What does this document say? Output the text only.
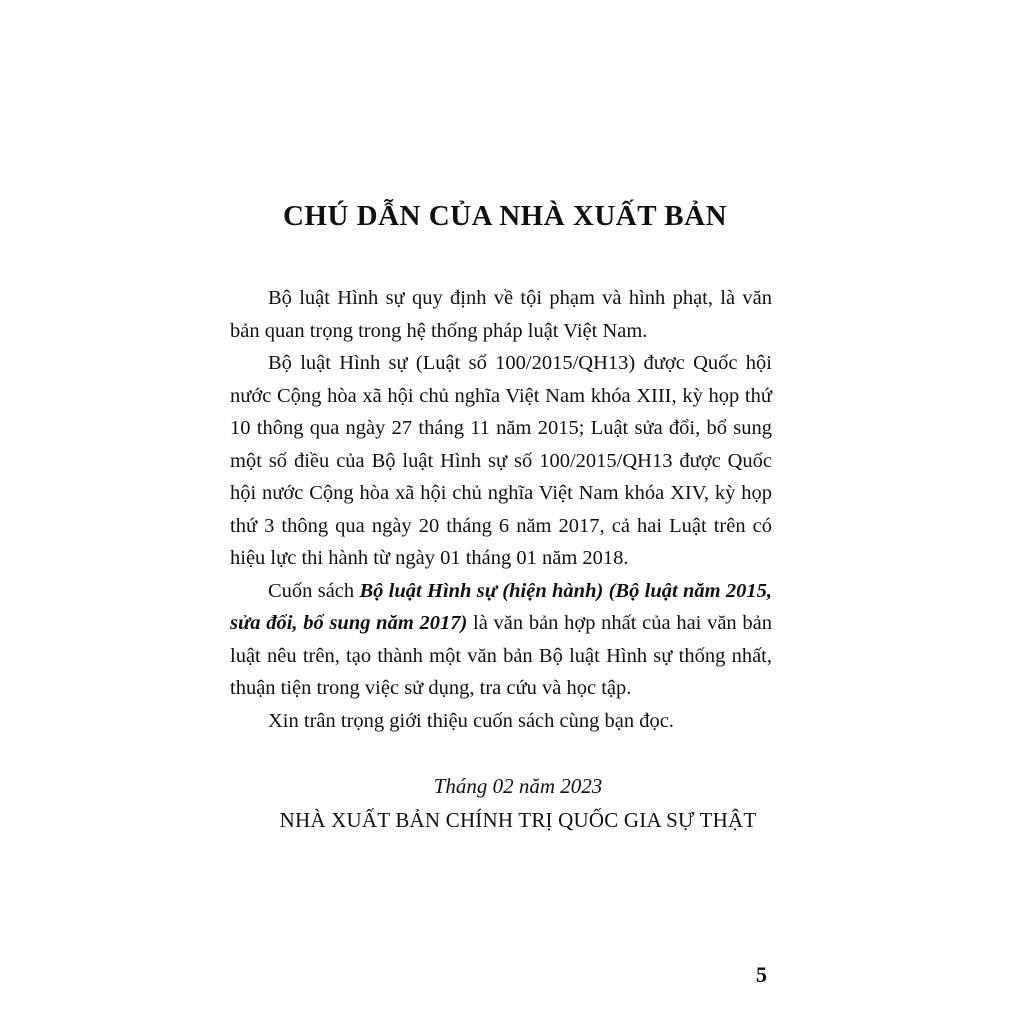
CHÚ DẪN CỦA NHÀ XUẤT BẢN

Bộ luật Hình sự quy định về tội phạm và hình phạt, là văn bản quan trọng trong hệ thống pháp luật Việt Nam.

Bộ luật Hình sự (Luật số 100/2015/QH13) được Quốc hội nước Cộng hòa xã hội chủ nghĩa Việt Nam khóa XIII, kỳ họp thứ 10 thông qua ngày 27 tháng 11 năm 2015; Luật sửa đổi, bổ sung một số điều của Bộ luật Hình sự số 100/2015/QH13 được Quốc hội nước Cộng hòa xã hội chủ nghĩa Việt Nam khóa XIV, kỳ họp thứ 3 thông qua ngày 20 tháng 6 năm 2017, cả hai Luật trên có hiệu lực thi hành từ ngày 01 tháng 01 năm 2018.

Cuốn sách Bộ luật Hình sự (hiện hành) (Bộ luật năm 2015, sửa đổi, bổ sung năm 2017) là văn bản hợp nhất của hai văn bản luật nêu trên, tạo thành một văn bản Bộ luật Hình sự thống nhất, thuận tiện trong việc sử dụng, tra cứu và học tập.

Xin trân trọng giới thiệu cuốn sách cùng bạn đọc.

Tháng 02 năm 2023
NHÀ XUẤT BẢN CHÍNH TRỊ QUỐC GIA SỰ THẬT
5
